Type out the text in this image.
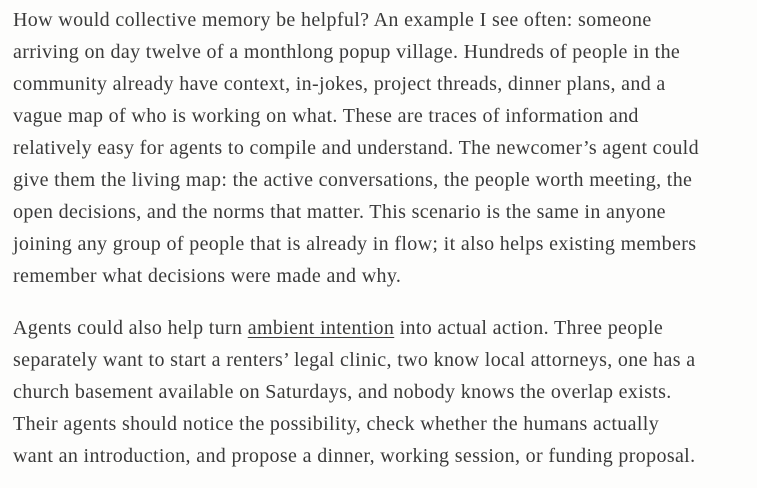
How would collective memory be helpful? An example I see often: someone
arriving on day twelve of a monthlong popup village. Hundreds of people in the
community already have context, in-jokes, project threads, dinner plans, and a
vague map of who is working on what. These are traces of information and
relatively easy for agents to compile and understand. The newcomer’s agent could
give them the living map: the active conversations, the people worth meeting, the
open decisions, and the norms that matter. This scenario is the same in anyone
joining any group of people that is already in flow; it also helps existing members
remember what decisions were made and why.

Agents could also help turn ambient intention into actual action. Three people
separately want to start a renters’ legal clinic, two know local attorneys, one has a
church basement available on Saturdays, and nobody knows the overlap exists.
Their agents should notice the possibility, check whether the humans actually
want an introduction, and propose a dinner, working session, or funding proposal.
